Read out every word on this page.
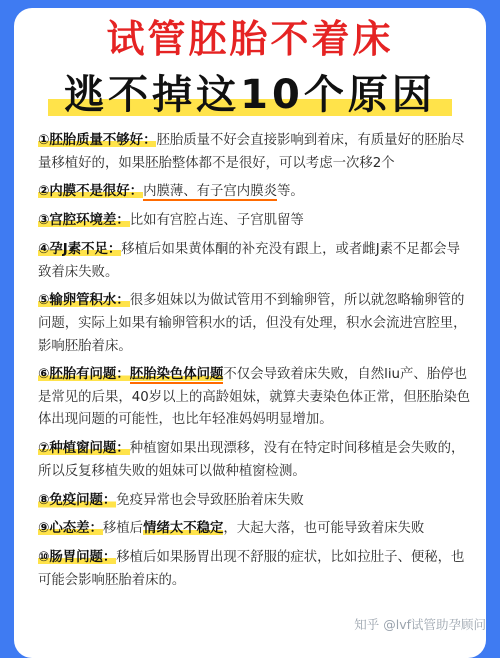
试管胚胎不着床
逃不掉这10个原因
①胚胎质量不够好：胚胎质量不好会直接影响到着床，有质量好的胚胎尽量移植好的，如果胚胎整体都不是很好，可以考虑一次移2个
②内膜不是很好：内膜薄、有子宫内膜炎等。
③宫腔环境差：比如有宫腔占连、子宫肌留等
④孕J素不足：移植后如果黄体酮的补充没有跟上，或者雌J素不足都会导致着床失败。
⑤输卵管积水：很多姐妹以为做试管用不到输卵管，所以就忽略输卵管的问题，实际上如果有输卵管积水的话，但没有处理，积水会流进宫腔里，影响胚胎着床。
⑥胚胎有问题：胚胎染色体问题不仅会导致着床失败，自然liu产、胎停也是常见的后果，40岁以上的高龄姐妹，就算夫妻染色体正常，但胚胎染色体出现问题的可能性，也比年轻准妈妈明显增加。
⑦种植窗问题：种植窗如果出现漂移，没有在特定时间移植是会失败的，所以反复移植失败的姐妹可以做种植窗检测。
⑧免疫问题：免疫异常也会导致胚胎着床失败
⑨心态差：移植后情绪太不稳定，大起大落，也可能导致着床失败
⑩肠胃问题：移植后如果肠胃出现不舒服的症状，比如拉肚子、便秘，也可能会影响胚胎着床的。
知乎 @lvf试管助孕顾问
